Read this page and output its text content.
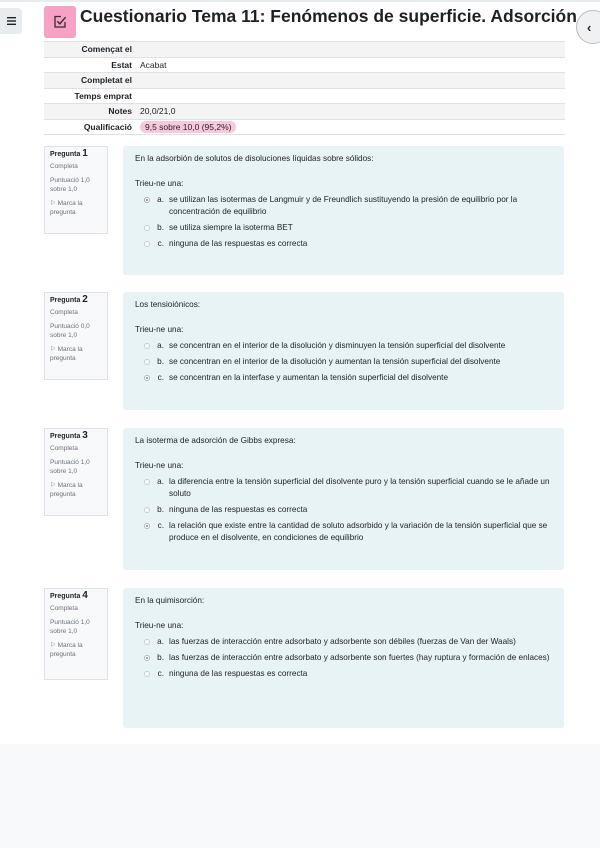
Cuestionario Tema 11: Fenómenos de superficie. Adsorción
‹
Començat el	
Estat	Acabat
Completat el	
Temps emprat	
Notes	20,0/21,0
Qualificació	9,5 sobre 10,0 (95,2%)
Pregunta 1
Completa
Puntuació 1,0
sobre 1,0
⚐ Marca la pregunta
En la adsorbión de solutos de disoluciones líquidas sobre sólidos:
Trieu-ne una:
a. se utilizan las isotermas de Langmuir y de Freundlich sustituyendo la presión de equilibrio por la concentración de equilibrio
b. se utiliza siempre la isoterma BET
c. ninguna de las respuestas es correcta
Pregunta 2
Completa
Puntuació 0,0
sobre 1,0
⚐ Marca la pregunta
Los tensioiónicos:
Trieu-ne una:
a. se concentran en el interior de la disolución y disminuyen la tensión superficial del disolvente
b. se concentran en el interior de la disolución y aumentan la tensión superficial del disolvente
c. se concentran en la interfase y aumentan la tensión superficial del disolvente
Pregunta 3
Completa
Puntuació 1,0
sobre 1,0
⚐ Marca la pregunta
La isoterma de adsorción de Gibbs expresa:
Trieu-ne una:
a. la diferencia entre la tensión superficial del disolvente puro y la tensión superficial cuando se le añade un soluto
b. ninguna de las respuestas es correcta
c. la relación que existe entre la cantidad de soluto adsorbido y la variación de la tensión superficial que se produce en el disolvente, en condiciones de equilibrio
Pregunta 4
Completa
Puntuació 1,0
sobre 1,0
⚐ Marca la pregunta
En la quimisorción:
Trieu-ne una:
a. las fuerzas de interacción entre adsorbato y adsorbente son débiles (fuerzas de Van der Waals)
b. las fuerzas de interacción entre adsorbato y adsorbente son fuertes (hay ruptura y formación de enlaces)
c. ninguna de las respuestas es correcta
